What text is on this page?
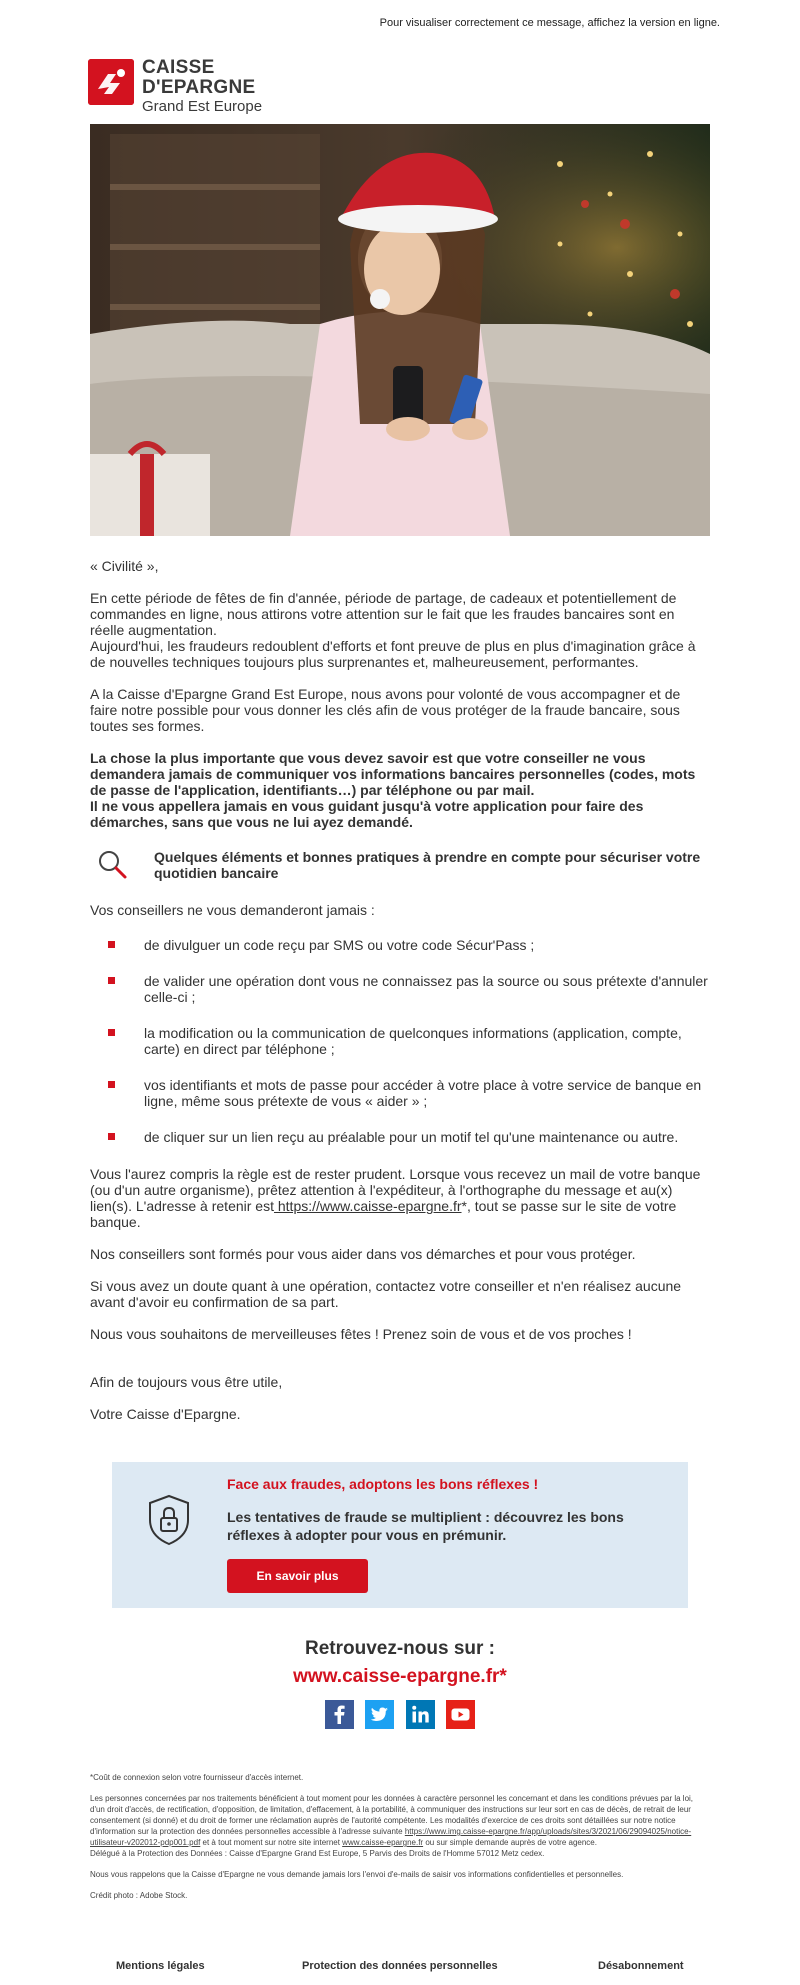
Pour visualiser correctement ce message, affichez la version en ligne.
CAISSE
D'EPARGNE
Grand Est Europe

« Civilité »,

En cette période de fêtes de fin d'année, période de partage, de cadeaux et potentiellement de commandes en ligne, nous attirons votre attention sur le fait que les fraudes bancaires sont en réelle augmentation.

Aujourd'hui, les fraudeurs redoublent d'efforts et font preuve de plus en plus d'imagination grâce à de nouvelles techniques toujours plus surprenantes et, malheureusement, performantes.

A la Caisse d'Epargne Grand Est Europe, nous avons pour volonté de vous accompagner et de faire notre possible pour vous donner les clés afin de vous protéger de la fraude bancaire, sous toutes ses formes.

La chose la plus importante que vous devez savoir est que votre conseiller ne vous demandera jamais de communiquer vos informations bancaires personnelles (codes, mots de passe de l'application, identifiants…) par téléphone ou par mail.

Il ne vous appellera jamais en vous guidant jusqu'à votre application pour faire des démarches, sans que vous ne lui ayez demandé.

Quelques éléments et bonnes pratiques à prendre en compte pour sécuriser votre quotidien bancaire

Vos conseillers ne vous demanderont jamais :

de divulguer un code reçu par SMS ou votre code Sécur'Pass ;
de valider une opération dont vous ne connaissez pas la source ou sous prétexte d'annuler celle-ci ;
la modification ou la communication de quelconques informations (application, compte, carte) en direct par téléphone ;
vos identifiants et mots de passe pour accéder à votre place à votre service de banque en ligne, même sous prétexte de vous « aider » ;
de cliquer sur un lien reçu au préalable pour un motif tel qu'une maintenance ou autre.

Vous l'aurez compris la règle est de rester prudent. Lorsque vous recevez un mail de votre banque (ou d'un autre organisme), prêtez attention à l'expéditeur, à l'orthographe du message et au(x) lien(s). L'adresse à retenir est https://www.caisse-epargne.fr*, tout se passe sur le site de votre banque.

Nos conseillers sont formés pour vous aider dans vos démarches et pour vous protéger.

Si vous avez un doute quant à une opération, contactez votre conseiller et n'en réalisez aucune avant d'avoir eu confirmation de sa part.

Nous vous souhaitons de merveilleuses fêtes ! Prenez soin de vous et de vos proches !

Afin de toujours vous être utile,

Votre Caisse d'Epargne.

Face aux fraudes, adoptons les bons réflexes !
Les tentatives de fraude se multiplient : découvrez les bons réflexes à adopter pour vous en prémunir.
En savoir plus
Retrouvez-nous sur :
www.caisse-epargne.fr*

*Coût de connexion selon votre fournisseur d'accès internet.

Les personnes concernées par nos traitements bénéficient à tout moment pour les données à caractère personnel les concernant et dans les conditions prévues par la loi, d'un droit d'accès, de rectification, d'opposition, de limitation, d'effacement, à la portabilité, à communiquer des instructions sur leur sort en cas de décès, de retrait de leur consentement (si donné) et du droit de former une réclamation auprès de l'autorité compétente. Les modalités d'exercice de ces droits sont détaillées sur notre notice d'information sur la protection des données personnelles accessible à l'adresse suivante https://www.img.caisse-epargne.fr/app/uploads/sites/3/2021/06/29094025/notice-utilisateur-v202012-pdp001.pdf et à tout moment sur notre site internet www.caisse-epargne.fr ou sur simple demande auprès de votre agence.
Délégué à la Protection des Données : Caisse d'Epargne Grand Est Europe, 5 Parvis des Droits de l'Homme 57012 Metz cedex.

Nous vous rappelons que la Caisse d'Epargne ne vous demande jamais lors l'envoi d'e-mails de saisir vos informations confidentielles et personnelles.

Crédit photo : Adobe Stock.

Mentions légales	Protection des données personnelles	Désabonnement
